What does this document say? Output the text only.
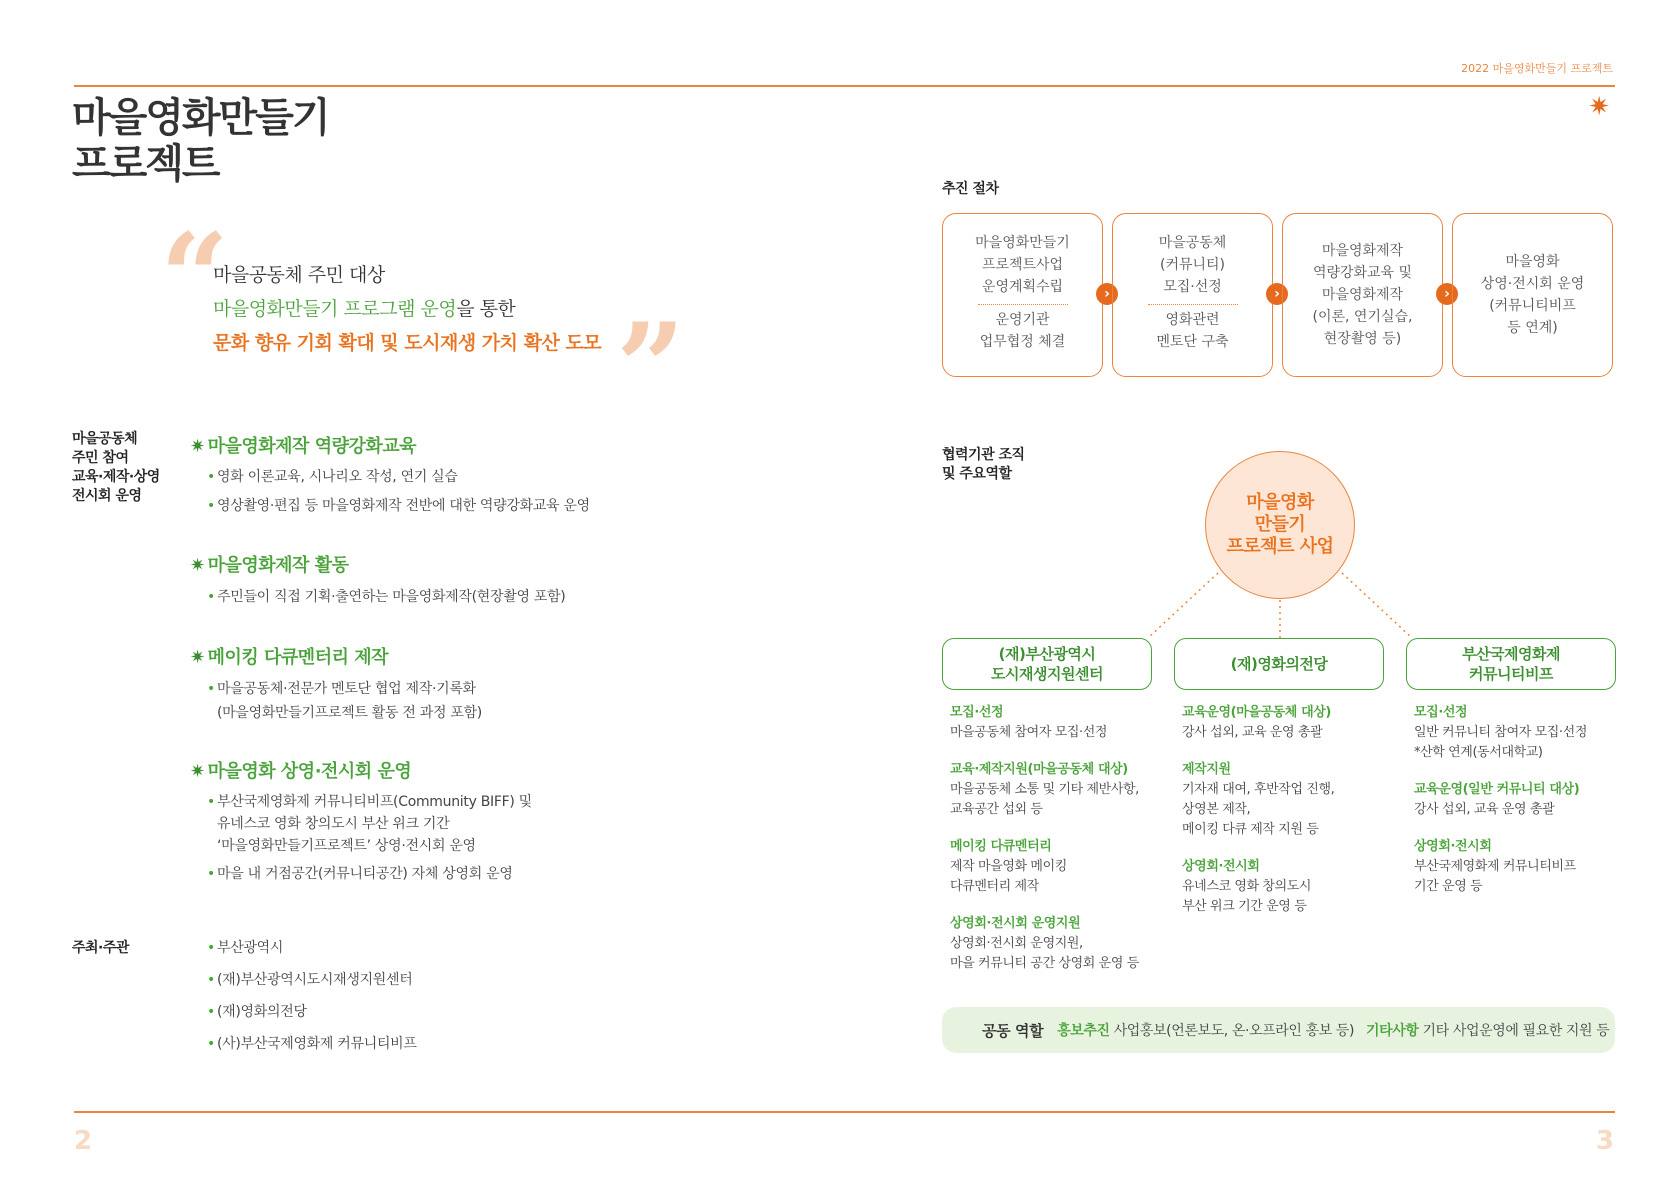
2022 마을영화만들기 프로젝트
✷
마을영화만들기
프로젝트
“
”
마을공동체 주민 대상
마을영화만들기 프로그램 운영을 통한
문화 향유 기회 확대 및 도시재생 가치 확산 도모
마을공동체
주민 참여
교육·제작·상영
전시회 운영
✷ 마을영화제작 역량강화교육
• 영화 이론교육, 시나리오 작성, 연기 실습
• 영상촬영·편집 등 마을영화제작 전반에 대한 역량강화교육 운영
✷ 마을영화제작 활동
• 주민들이 직접 기획·출연하는 마을영화제작(현장촬영 포함)
✷ 메이킹 다큐멘터리 제작
• 마을공동체·전문가 멘토단 협업 제작·기록화
(마을영화만들기프로젝트 활동 전 과정 포함)
✷ 마을영화 상영·전시회 운영
• 부산국제영화제 커뮤니티비프(Community BIFF) 및
유네스코 영화 창의도시 부산 위크 기간
‘마을영화만들기프로젝트’ 상영·전시회 운영
• 마을 내 거점공간(커뮤니티공간) 자체 상영회 운영
주최·주관
•	부산광역시
• (재)부산광역시도시재생지원센터
• (재)영화의전당
• (사)부산국제영화제 커뮤니티비프
추진 절차
마을영화만들기
프로젝트사업
운영계획수립
운영기관
업무협정 체결
›
마을공동체
(커뮤니티)
모집·선정
영화관련
멘토단 구축
›
마을영화제작
역량강화교육 및
마을영화제작
(이론, 연기실습,
현장촬영 등)
›
마을영화
상영·전시회 운영
(커뮤니티비프
등 연계)
협력기관 조직
및 주요역할
마을영화
만들기
프로젝트 사업
(재)부산광역시
도시재생지원센터
(재)영화의전당
부산국제영화제
커뮤니티비프
모집·선정
마을공동체 참여자 모집·선정
교육·제작지원(마을공동체 대상)
마을공동체 소통 및 기타 제반사항,
교육공간 섭외 등
메이킹 다큐멘터리
제작 마을영화 메이킹
다큐멘터리 제작
상영회·전시회 운영지원
상영회·전시회 운영지원,
마을 커뮤니티 공간 상영회 운영 등
교육운영(마을공동체 대상)
강사 섭외, 교육 운영 총괄
제작지원
기자재 대여, 후반작업 진행,
상영본 제작,
메이킹 다큐 제작 지원 등
상영회·전시회
유네스코 영화 창의도시
부산 위크 기간 운영 등
모집·선정
일반 커뮤니티 참여자 모집·선정
*산학 연계(동서대학교)
교육운영(일반 커뮤니티 대상)
강사 섭외, 교육 운영 총괄
상영회·전시회
부산국제영화제 커뮤니티비프
기간 운영 등
공동 역할 홍보추진 사업홍보(언론보도, 온·오프라인 홍보 등) 기타사항 기타 사업운영에 필요한 지원 등
2	3
